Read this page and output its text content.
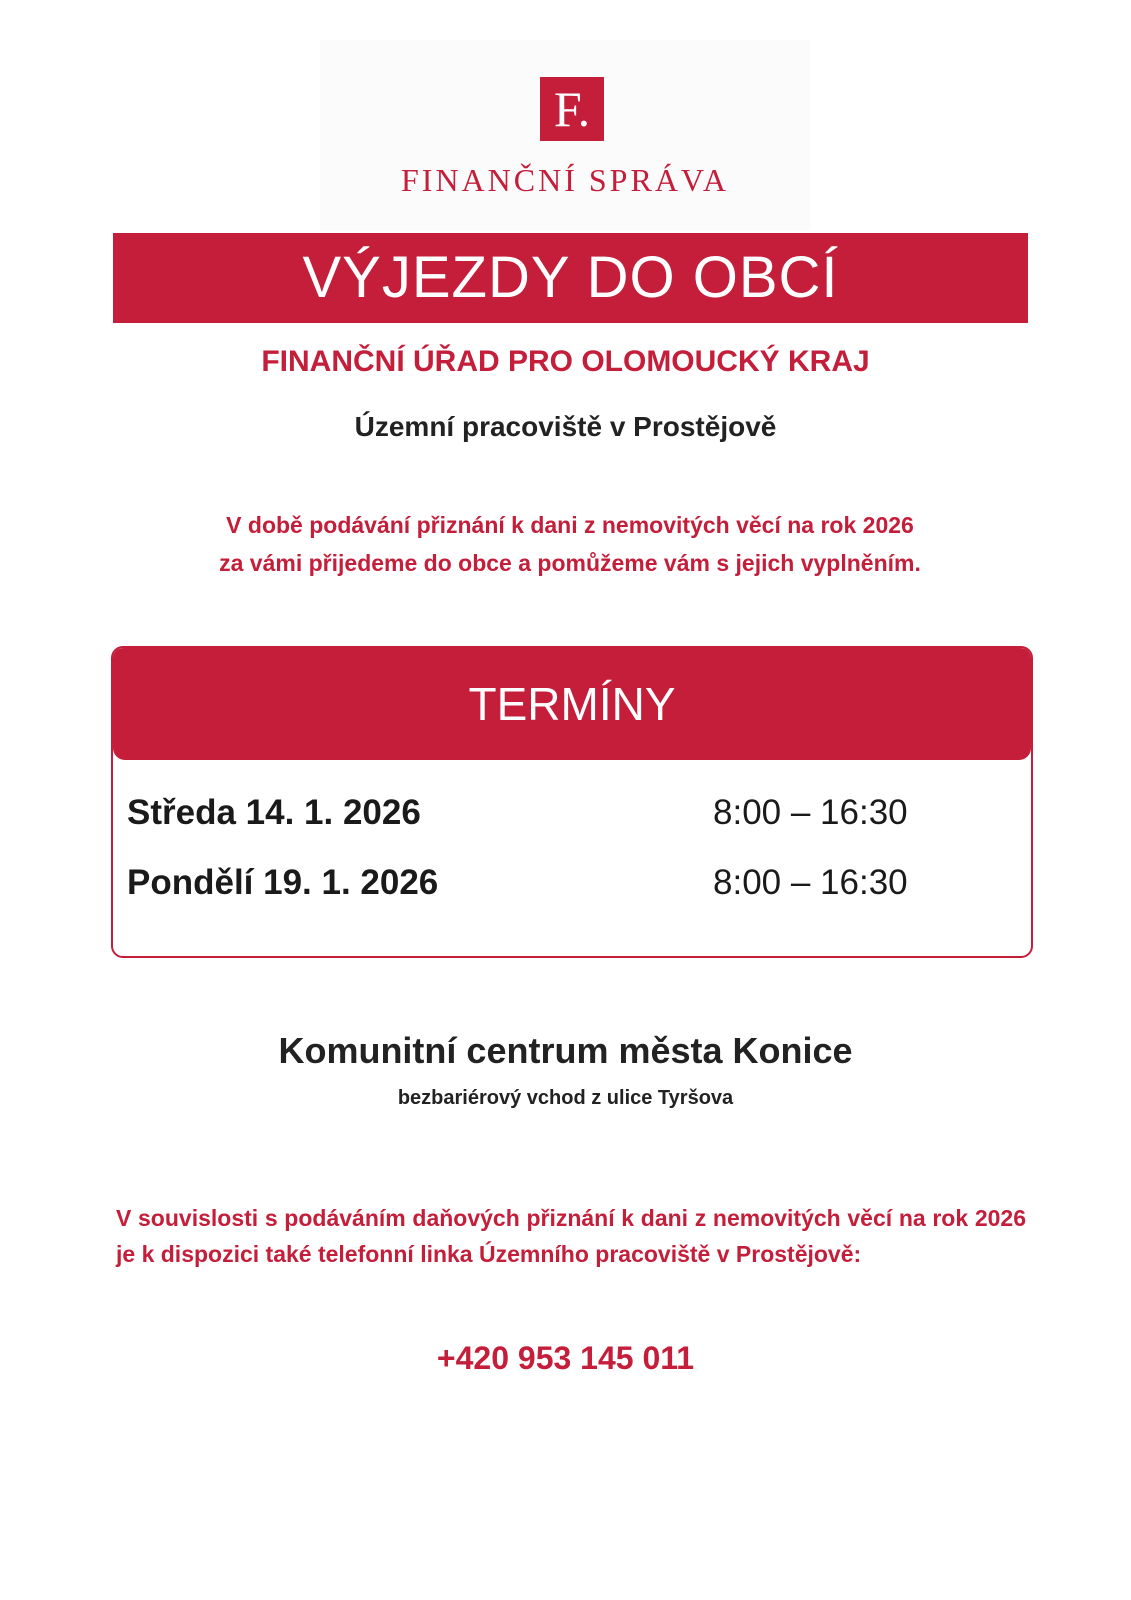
F.
FINANČNÍ SPRÁVA
VÝJEZDY DO OBCÍ
FINANČNÍ ÚŘAD PRO OLOMOUCKÝ KRAJ
Územní pracoviště v Prostějově
V době podávání přiznání k dani z nemovitých věcí na rok 2026
za vámi přijedeme do obce a pomůžeme vám s jejich vyplněním.
TERMÍNY
Středa 14. 1. 2026	8:00 – 16:30
Pondělí 19. 1. 2026	8:00 – 16:30
Komunitní centrum města Konice
bezbariérový vchod z ulice Tyršova
V souvislosti s podáváním daňových přiznání k dani z nemovitých věcí na rok 2026 je k dispozici také telefonní linka Územního pracoviště v Prostějově:
+420 953 145 011
